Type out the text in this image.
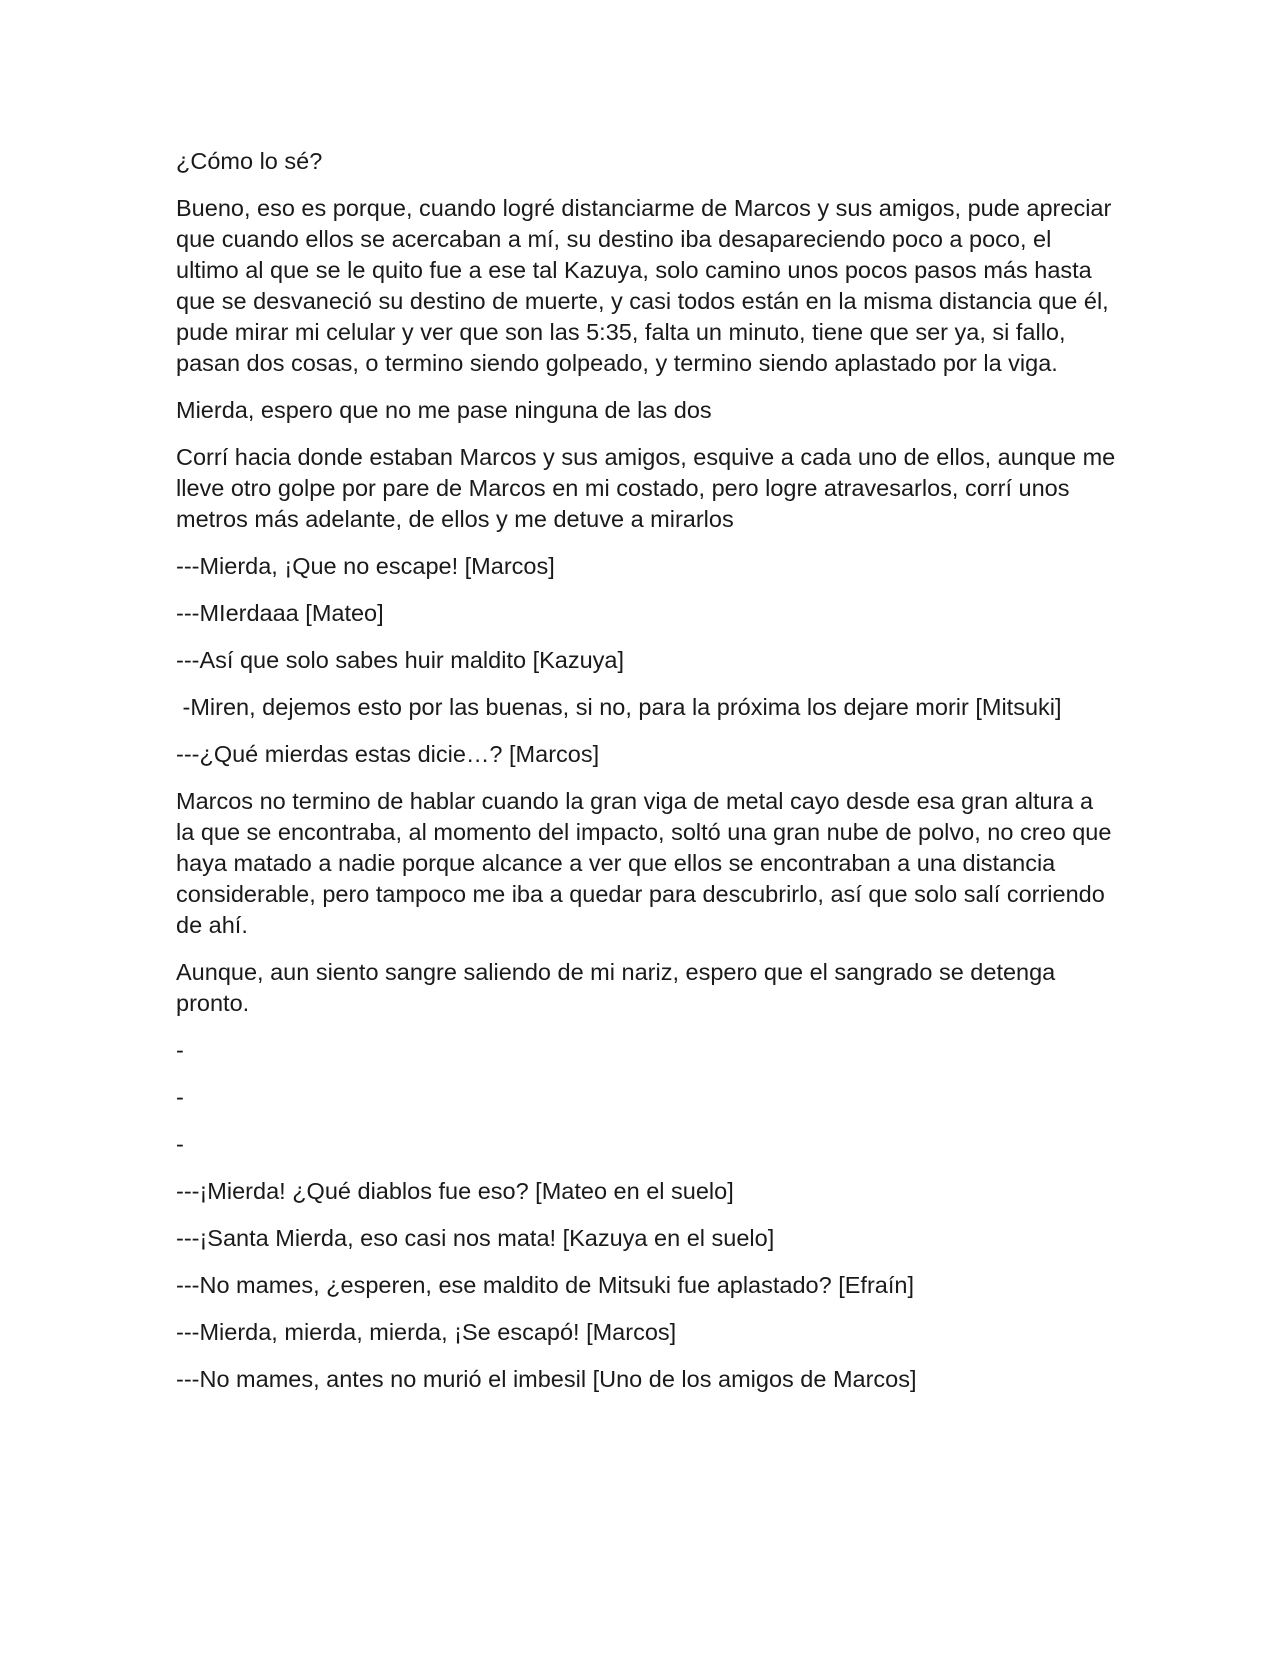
¿Cómo lo sé?

Bueno, eso es porque, cuando logré distanciarme de Marcos y sus amigos, pude apreciar que cuando ellos se acercaban a mí, su destino iba desapareciendo poco a poco, el ultimo al que se le quito fue a ese tal Kazuya, solo camino unos pocos pasos más hasta que se desvaneció su destino de muerte, y casi todos están en la misma distancia que él, pude mirar mi celular y ver que son las 5:35, falta un minuto, tiene que ser ya, si fallo, pasan dos cosas, o termino siendo golpeado, y termino siendo aplastado por la viga.

Mierda, espero que no me pase ninguna de las dos

Corrí hacia donde estaban Marcos y sus amigos, esquive a cada uno de ellos, aunque me lleve otro golpe por pare de Marcos en mi costado, pero logre atravesarlos, corrí unos metros más adelante, de ellos y me detuve a mirarlos

---Mierda, ¡Que no escape! [Marcos]

---MIerdaaa [Mateo]

---Así que solo sabes huir maldito [Kazuya]

-Miren, dejemos esto por las buenas, si no, para la próxima los dejare morir [Mitsuki]

---¿Qué mierdas estas dicie…? [Marcos]

Marcos no termino de hablar cuando la gran viga de metal cayo desde esa gran altura a la que se encontraba, al momento del impacto, soltó una gran nube de polvo, no creo que haya matado a nadie porque alcance a ver que ellos se encontraban a una distancia considerable, pero tampoco me iba a quedar para descubrirlo, así que solo salí corriendo de ahí.

Aunque, aun siento sangre saliendo de mi nariz, espero que el sangrado se detenga pronto.

-

-

-

---¡Mierda! ¿Qué diablos fue eso? [Mateo en el suelo]

---¡Santa Mierda, eso casi nos mata! [Kazuya en el suelo]

---No mames, ¿esperen, ese maldito de Mitsuki fue aplastado? [Efraín]

---Mierda, mierda, mierda, ¡Se escapó! [Marcos]

---No mames, antes no murió el imbesil [Uno de los amigos de Marcos]
